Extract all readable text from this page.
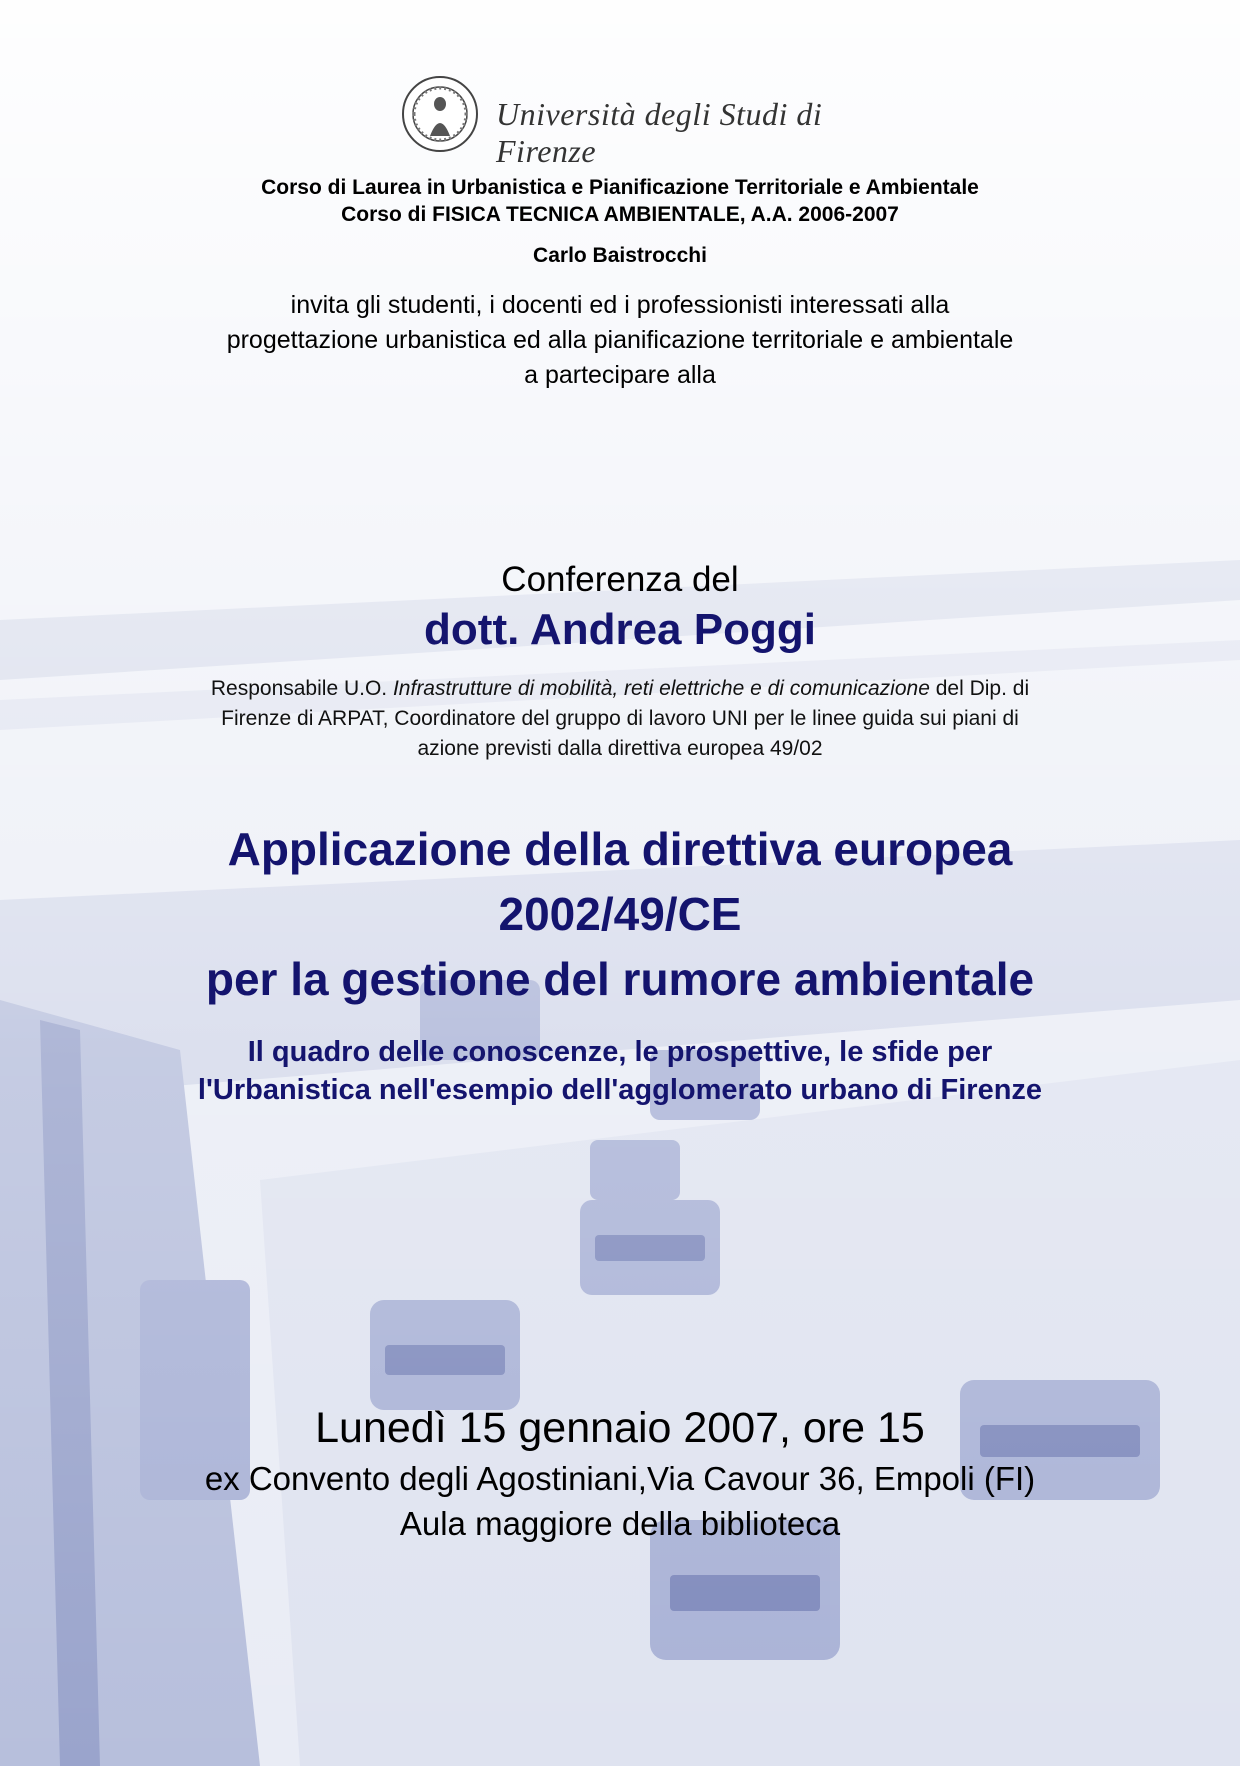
Università degli Studi di Firenze
Corso di Laurea in Urbanistica e Pianificazione Territoriale e Ambientale
Corso di FISICA TECNICA AMBIENTALE, A.A. 2006-2007
Carlo Baistrocchi
invita gli studenti, i docenti ed i professionisti interessati alla
progettazione urbanistica ed alla pianificazione territoriale e ambientale
a partecipare alla
Conferenza del
dott. Andrea Poggi
Responsabile U.O. Infrastrutture di mobilità, reti elettriche e di comunicazione del Dip. di
Firenze di ARPAT, Coordinatore del gruppo di lavoro UNI per le linee guida sui piani di
azione previsti dalla direttiva europea 49/02
Applicazione della direttiva europea
2002/49/CE
per la gestione del rumore ambientale
Il quadro delle conoscenze, le prospettive, le sfide per
l'Urbanistica nell'esempio dell'agglomerato urbano di Firenze
Lunedì 15 gennaio 2007, ore 15
ex Convento degli Agostiniani,Via Cavour 36, Empoli (FI)
Aula maggiore della biblioteca
